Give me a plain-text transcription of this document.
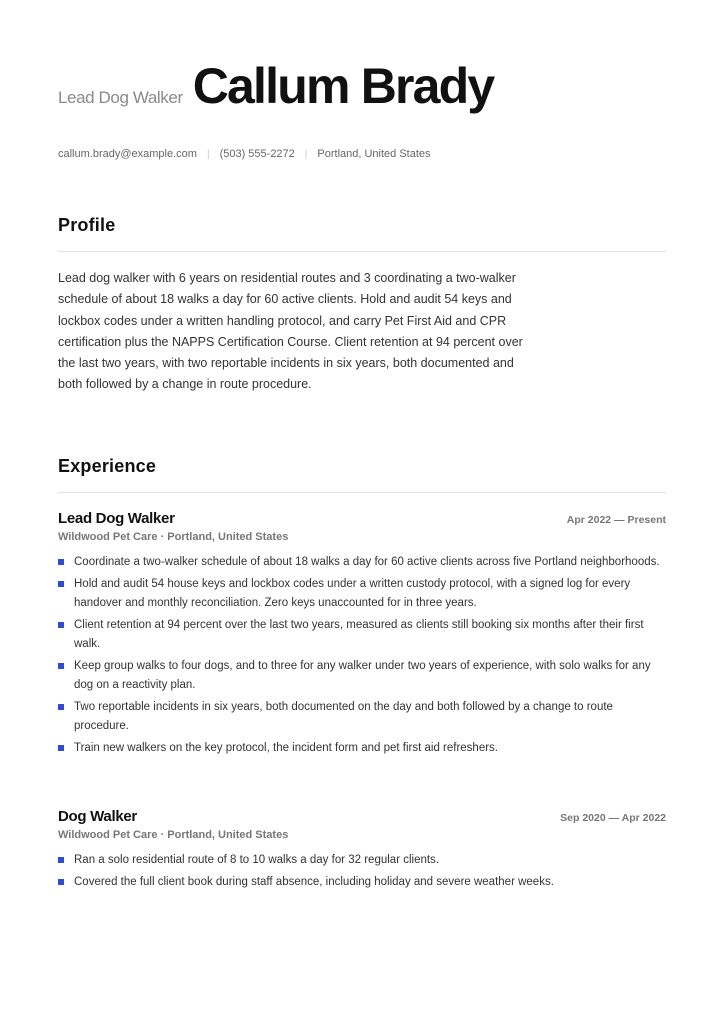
Lead Dog Walker Callum Brady
callum.brady@example.com | (503) 555-2272 | Portland, United States
Profile
Lead dog walker with 6 years on residential routes and 3 coordinating a two-walker schedule of about 18 walks a day for 60 active clients. Hold and audit 54 keys and lockbox codes under a written handling protocol, and carry Pet First Aid and CPR certification plus the NAPPS Certification Course. Client retention at 94 percent over the last two years, with two reportable incidents in six years, both documented and both followed by a change in route procedure.
Experience
Lead Dog Walker	Apr 2022 — Present
Wildwood Pet Care · Portland, United States
Coordinate a two-walker schedule of about 18 walks a day for 60 active clients across five Portland neighborhoods.
Hold and audit 54 house keys and lockbox codes under a written custody protocol, with a signed log for every handover and monthly reconciliation. Zero keys unaccounted for in three years.
Client retention at 94 percent over the last two years, measured as clients still booking six months after their first walk.
Keep group walks to four dogs, and to three for any walker under two years of experience, with solo walks for any dog on a reactivity plan.
Two reportable incidents in six years, both documented on the day and both followed by a change to route procedure.
Train new walkers on the key protocol, the incident form and pet first aid refreshers.
Dog Walker	Sep 2020 — Apr 2022
Wildwood Pet Care · Portland, United States
Ran a solo residential route of 8 to 10 walks a day for 32 regular clients.
Covered the full client book during staff absence, including holiday and severe weather weeks.
